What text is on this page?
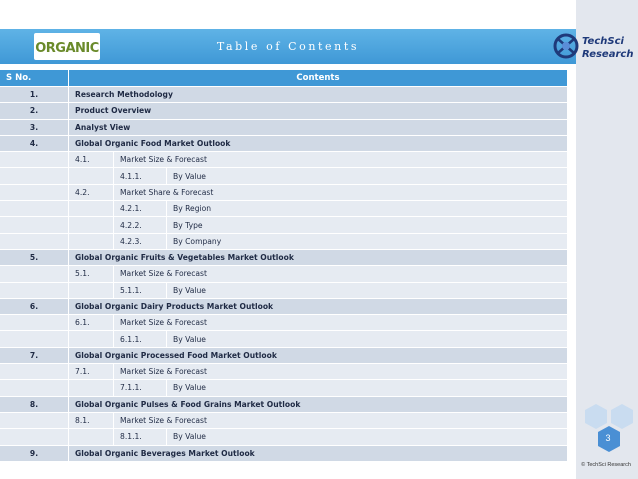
Table of Contents
ORGANIC	TechSci
Research
S No.	Contents		
1.	Research Methodology		
2.	Product Overview		
3.	Analyst View		
4.	Global Organic Food Market Outlook		
	4.1.	Market Size & Forecast	
		4.1.1.	By Value
	4.2.	Market Share & Forecast	
		4.2.1.	By Region
		4.2.2.	By Type
		4.2.3.	By Company
5.	Global Organic Fruits & Vegetables Market Outlook		
	5.1.	Market Size & Forecast	
		5.1.1.	By Value
6.	Global Organic Dairy Products Market Outlook		
	6.1.	Market Size & Forecast	
		6.1.1.	By Value
7.	Global Organic Processed Food Market Outlook		
	7.1.	Market Size & Forecast	
		7.1.1.	By Value
8.	Global Organic Pulses & Food Grains Market Outlook		
	8.1.	Market Size & Forecast	
		8.1.1.	By Value
9.	Global Organic Beverages Market Outlook		
3
© TechSci Research
